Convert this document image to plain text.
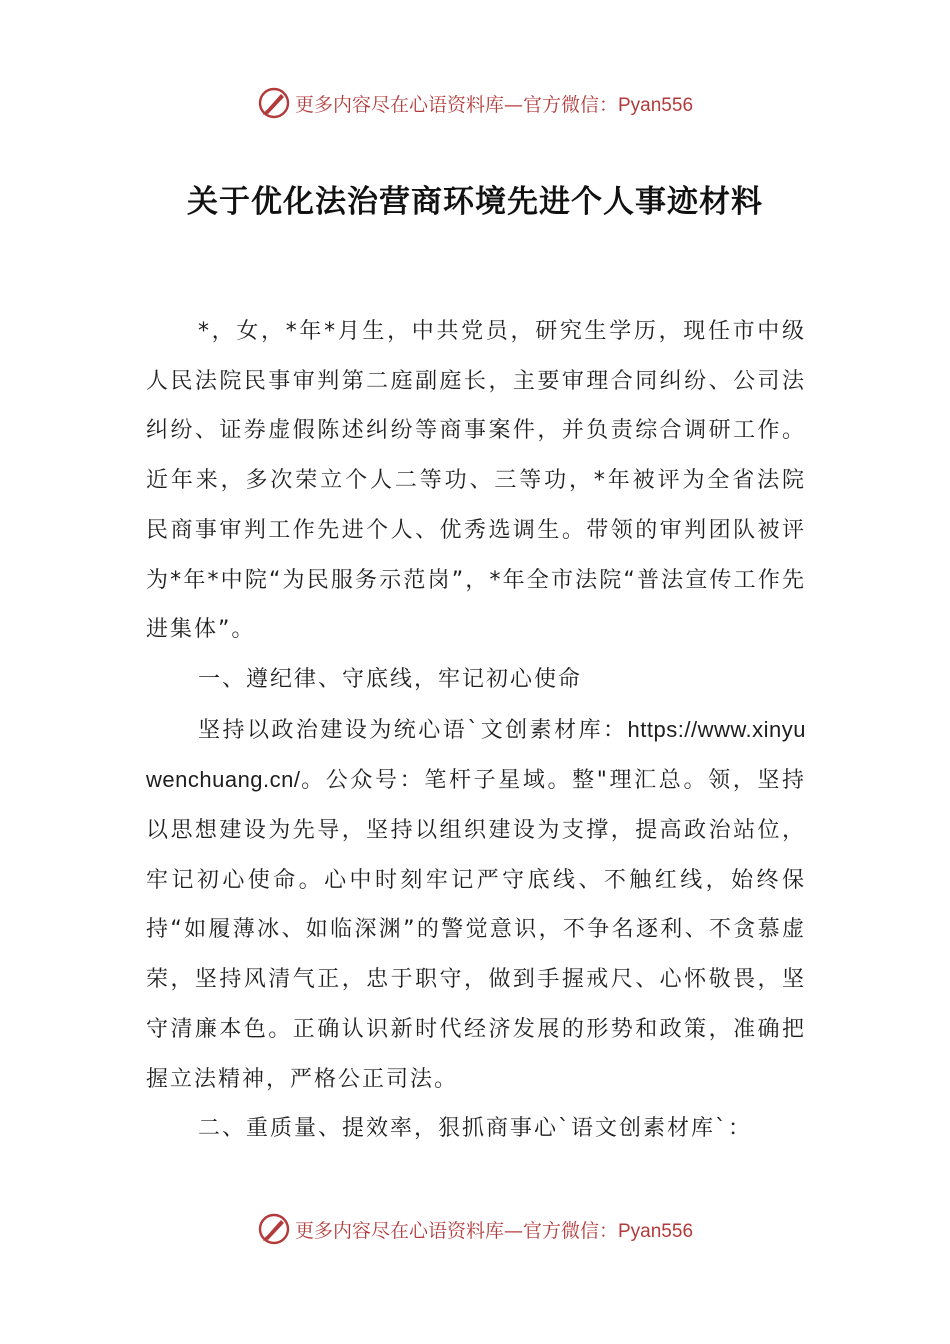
更多内容尽在心语资料库—官方微信：Pyan556
关于优化法治营商环境先进个人事迹材料

*，女，*年*月生，中共党员，研究生学历，现任市中级人民法院民事审判第二庭副庭长，主要审理合同纠纷、公司法纠纷、证券虚假陈述纠纷等商事案件，并负责综合调研工作。近年来，多次荣立个人二等功、三等功，*年被评为全省法院民商事审判工作先进个人、优秀选调生。带领的审判团队被评为*年*中院“为民服务示范岗”，*年全市法院“普法宣传工作先进集体”。

一、遵纪律、守底线，牢记初心使命

坚持以政治建设为统心语`文创素材库：https://www.xinyuwenchuang.cn/。公众号：笔杆子星域。整"理汇总。领，坚持以思想建设为先导，坚持以组织建设为支撑，提高政治站位，牢记初心使命。心中时刻牢记严守底线、不触红线，始终保持“如履薄冰、如临深渊”的警觉意识，不争名逐利、不贪慕虚荣，坚持风清气正，忠于职守，做到手握戒尺、心怀敬畏，坚守清廉本色。正确认识新时代经济发展的形势和政策，准确把握立法精神，严格公正司法。

二、重质量、提效率，狠抓商事心`语文创素材库`：

更多内容尽在心语资料库—官方微信：Pyan556
